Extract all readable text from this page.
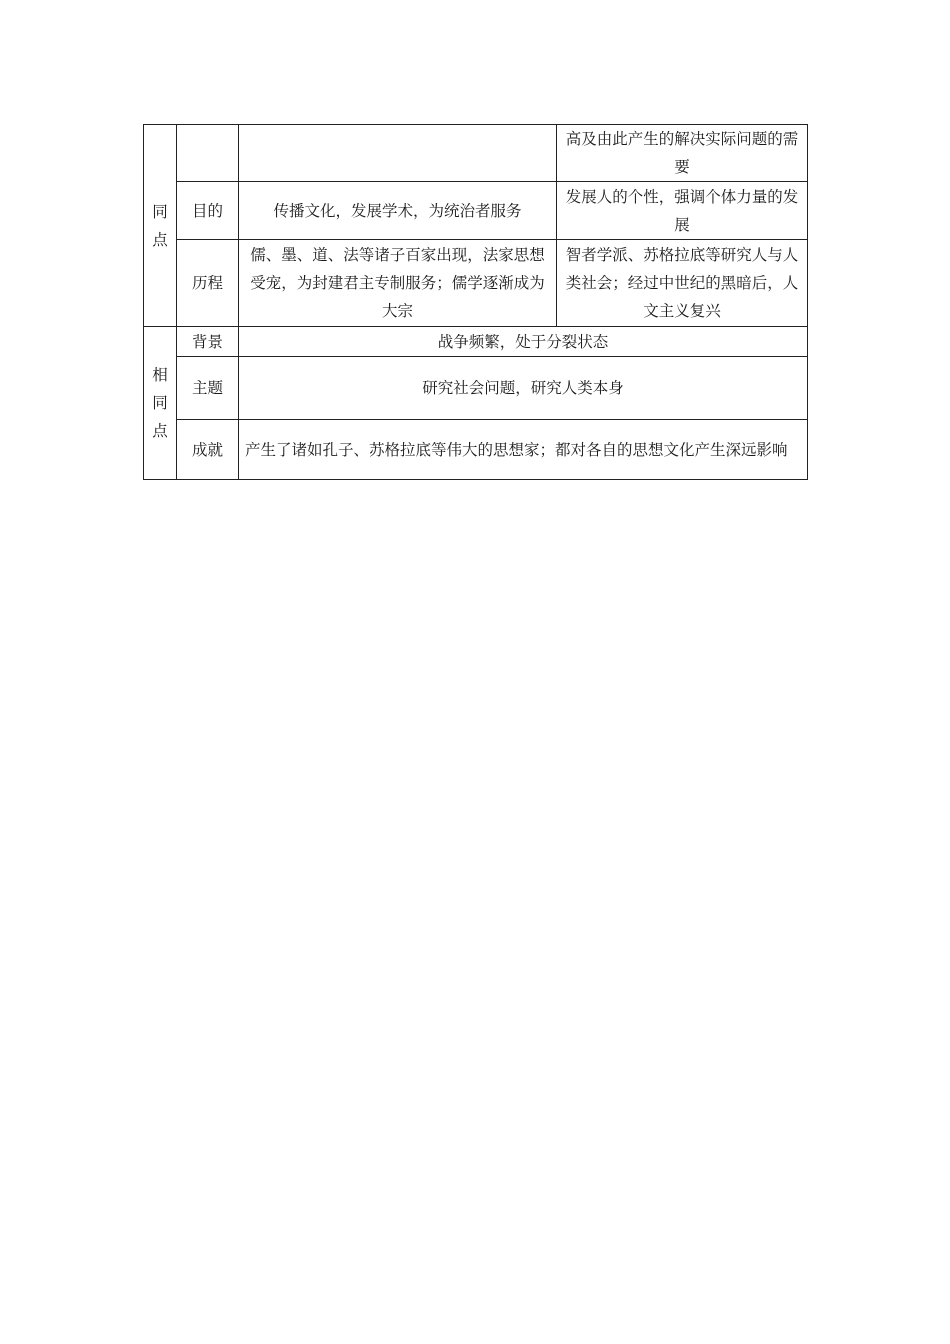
同
点			高及由此产生的解决实际问题的需要
	目的	传播文化，发展学术，为统治者服务	发展人的个性，强调个体力量的发展
	历程	儒、墨、道、法等诸子百家出现，法家思想受宠，为封建君主专制服务；儒学逐渐成为大宗	智者学派、苏格拉底等研究人与人类社会；经过中世纪的黑暗后，人文主义复兴

相
同
点	背景	战争频繁，处于分裂状态	
	主题	研究社会问题，研究人类本身	
	成就	产生了诸如孔子、苏格拉底等伟大的思想家；都对各自的思想文化产生深远影响	
